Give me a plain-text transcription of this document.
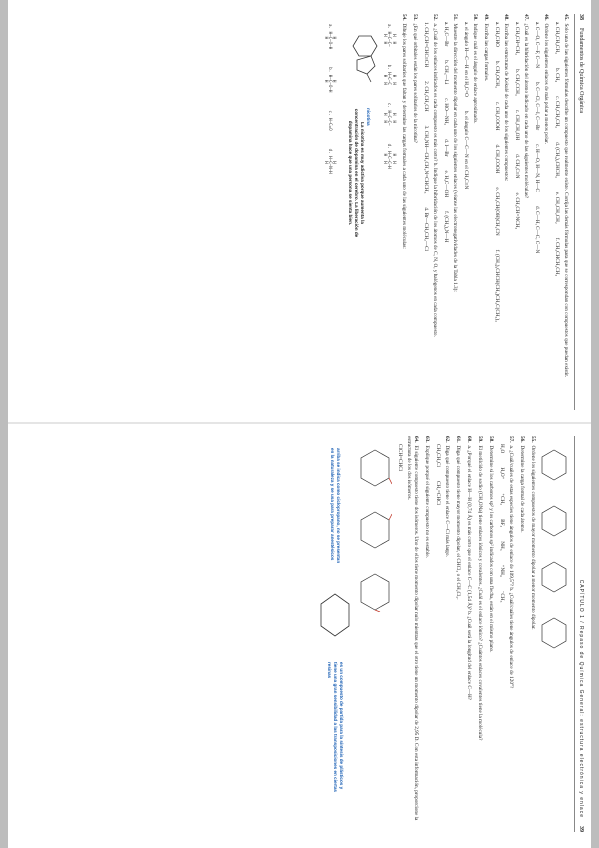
38
Fundamentos de Química Orgánica
45.Solo una de las siguientes fórmulas describe un compuesto que realmente existe. Corrija las demás fórmulas para que se correspondan con compuestos que puedan existir.
a. CH₂CH₂CH₃
b. CH₄
c. CH₃CH₂CH₂
d. (CH₃)₂CHCH₃
e. CH₂CH₂CH₂
f. CH₃CHCH₂CH₃
46.Ordene los siguientes enlaces de más polar a menos polar.
a. C—O, C—F, C—N
b. C—Cl, C—I, C—Br
c. H—O, H—N, H—C
d. C—H, C—C, C—N
47.¿Cuál es la hibridación del átomo indicado en cada uno de las siguientes moléculas?
a. CH₃CH=CH₂
b. CH₃CCH₃
c. CH₃CH₂OH
d. CH₃C≡N
e. CH₃CH=NCH₃
48.Escriba las estructuras de Kekulé de cada uno de los siguientes compuestos:
a. CH₃CHO
b. CH₃OCH₃
c. CH₃COOH
d. CH₃COOH
e. CH₃CH(OH)CH₂CN
f. (CH₃)₃CHCH(CH₃)CH₂C(CH₃)₃
49.Escriba las cargas formales.
50.Indique cuál es el ángulo de enlace aproximado.
a. el ángulo H—C—H en el H₂C=O
b. el ángulo C—C—N en el CH₃C≡N
51.Muestre la dirección del momento dipolar en cada uno de los siguientes enlaces (véanse las electronegatividades de la Tabla 1.3):
a. H₃C—Br
b. CH₃—Li
c. HO—NH₂
d. I—Br
e. H₃C—OH
f. (CH₃)₂N—H
52.a. ¿Cuál de los enlaces indicados es cada compuesto es más corto? b. Indique la hibridación de los átomos de C, N, O, y halógenos en cada compuesto.
1. CH₃CH=CHC≡CH
2. CH₃CH₂CH
3. CH₃NH—CH₂CH₂N=CHCH₃
4. Br—CH₂CH₂—Cl
53.¿En qué orbitales están los pares solitarios de la nicotina?
54.Dibuje los pares solitarios que faltan y determine las cargas formales a cada uno de las siguientes moléculas:
H  H
a. H—C—C—
H  H
H  H
b. H—C—C
H  H
H  H
c. H—C—C—
H  H
H  H
d. H—C—C—H
H  H
nicotina
La nicotina es muy adictiva porque aumenta la concentración de dopamina en el cerebro. La liberación de dopamina hace que una persona se sienta bien.
H
a. H—C—O—H
H
H
b. H—C—O—H
H

c. H—C=O

H
d. H—C—N—H
H
CAPÍTULO 1 / Repaso de Química General: estructura electrónica y enlace
39
55.Ordene los siguientes compuestos de mayor momento dipolar a menor momento dipolar.
56.Determine la carga formal de cada átomo.
57.a. ¿Cuál/cuáles de estas especies tiene ángulos de enlace de 109,5°? b. ¿Cuál/cuáles tiene ángulos de enlace de 120°?
H₂O
H₃O⁺
⁺CH₃
BF₃
NH₃
⁺NH₄
⁻CH₃
58.Determine si los carbonos sp³ y los carbonos sp² indicados con una flecha, están en el mismo plano.
59.El metilcido de sodio (CH₃ONa) tiene enlaces iónicos y covalentes. ¿Cuál es el enlace iónico? ¿Cuántos enlaces covalentes tiene la molécula?
60.a. ¿Porqué el enlace H—H (0,74 Å) es más corto que el enlace C—C (1,54 Å)? b. ¿Cuál será la longitud del enlace C—H?
61.Diga qué compuesto tiene mayor momento dipolar, el CHCl₃ o el CH₂Cl₂.
62.Diga qué compuesto tiene el enlace C—Cl más largo.
CH₃CH₂Cl
CH₂=CHCl
63.Explique porqué el siguiente compuesto no es estable.
64.El siguiente compuesto tiene dos isómeros. Uno de ellos tiene momento dipolar nulo mientras que el otro tiene un momento dipolar de 2,95 D. Con esta información, proporcione la estructura de los dos isómeros.
ClCH=CHCl
arriba se indica como ciclopropano, no se presentan en la naturaleza y se usa para preparar anestésicos
es un compuesto de partida para la síntesis de plásticos y tiene una gran sensibilidad a las transposiciones en ciertas resinas
